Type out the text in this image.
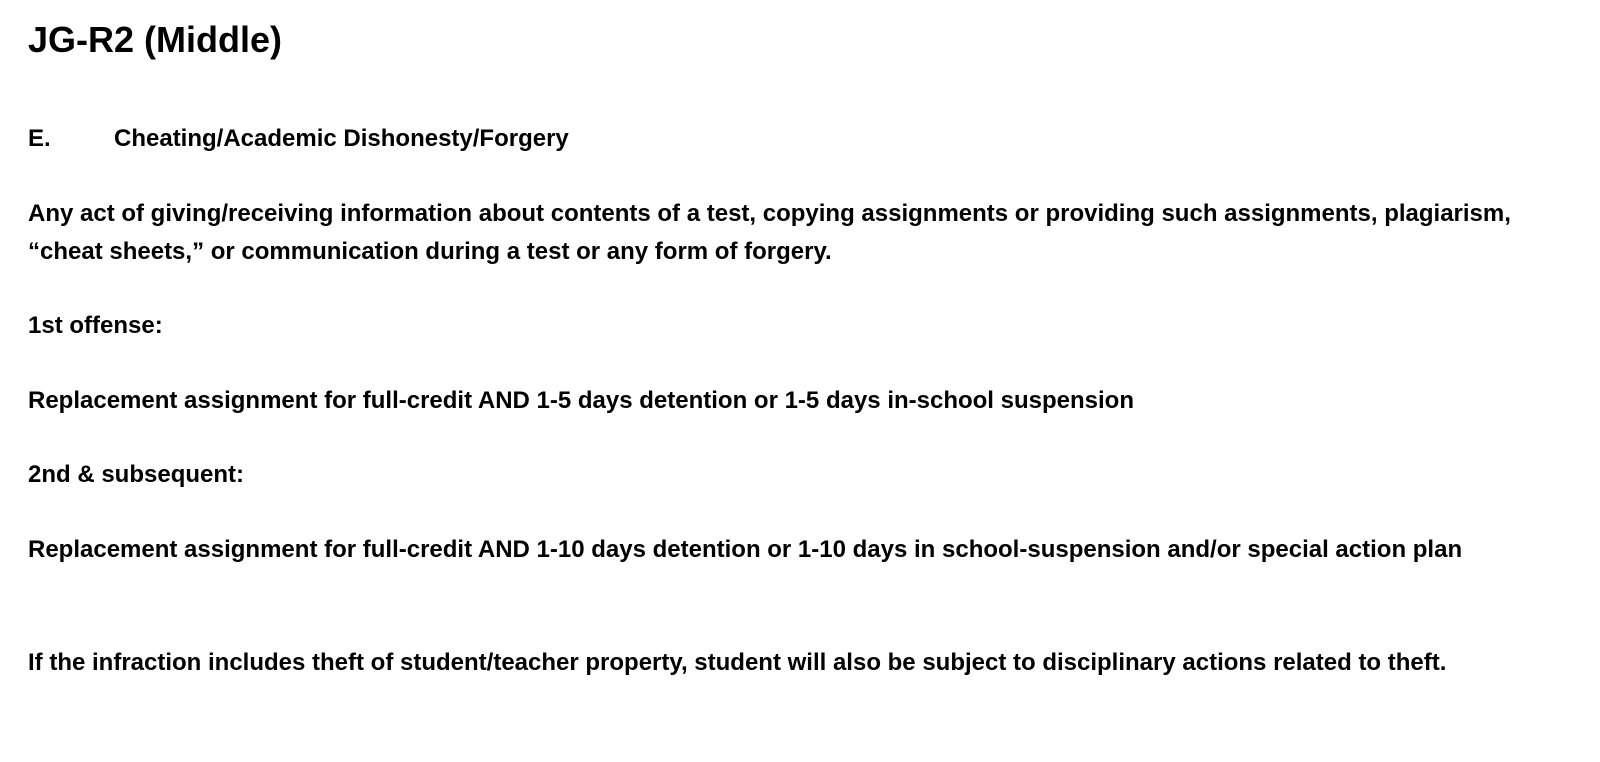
JG-R2 (Middle)
E.	Cheating/Academic Dishonesty/Forgery
Any act of giving/receiving information about contents of a test, copying assignments or providing such assignments, plagiarism, “cheat sheets,” or communication during a test or any form of forgery.
1st offense:
Replacement assignment for full-credit AND 1-5 days detention or 1-5 days in-school suspension
2nd & subsequent:
Replacement assignment for full-credit AND 1-10 days detention or 1-10 days in school-suspension and/or special action plan
If the infraction includes theft of student/teacher property, student will also be subject to disciplinary actions related to theft.
